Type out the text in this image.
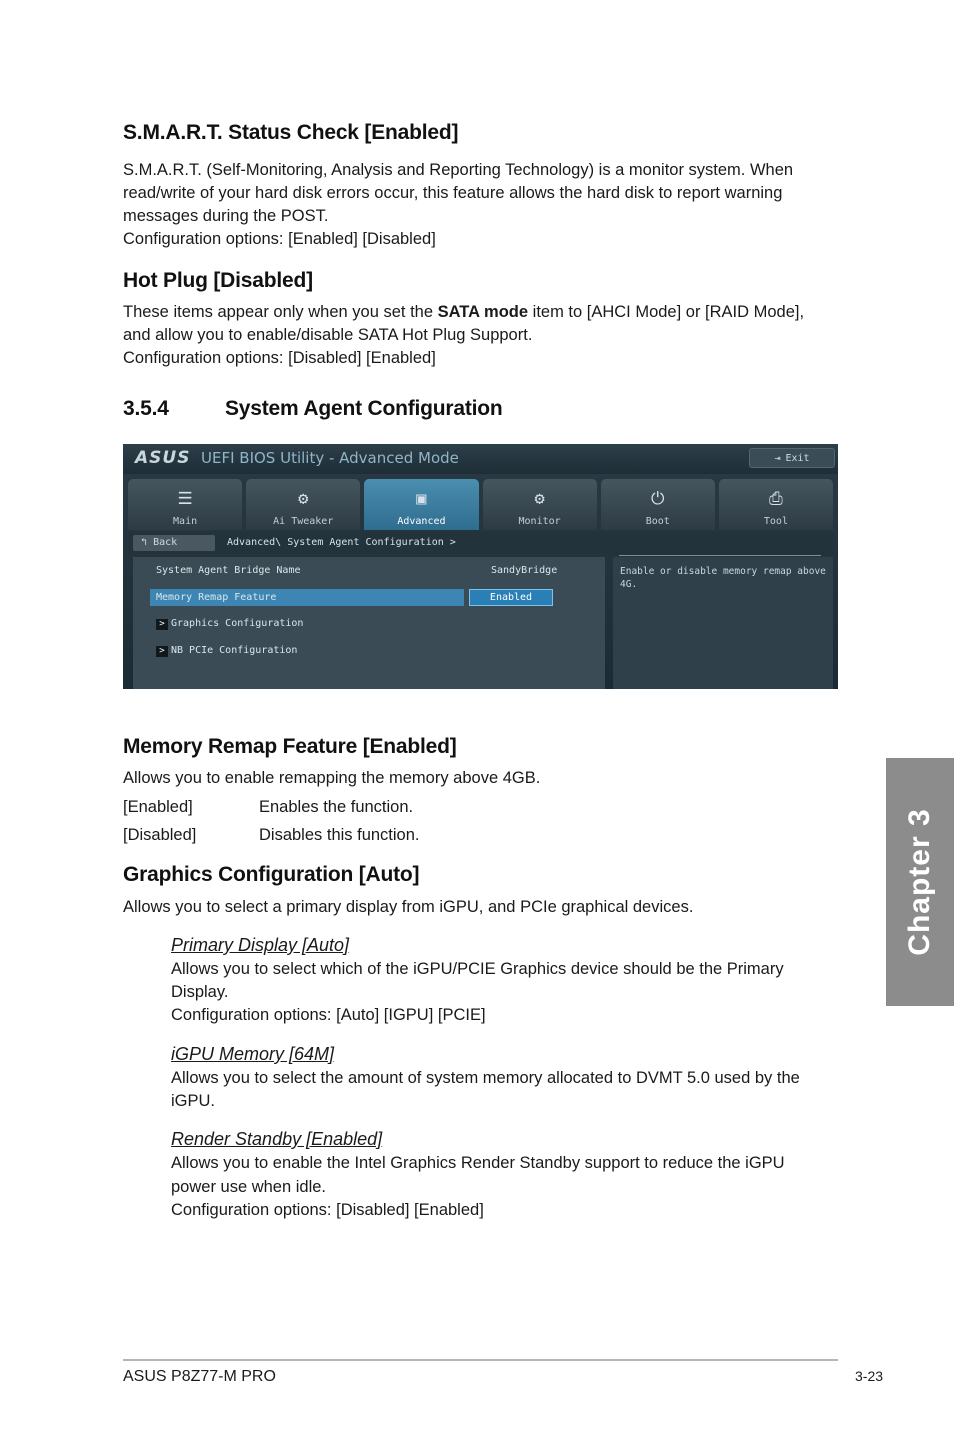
S.M.A.R.T. Status Check [Enabled]
S.M.A.R.T. (Self-Monitoring, Analysis and Reporting Technology) is a monitor system. When
read/write of your hard disk errors occur, this feature allows the hard disk to report warning
messages during the POST.
Configuration options: [Enabled] [Disabled]
Hot Plug [Disabled]
These items appear only when you set the SATA mode item to [AHCI Mode] or [RAID Mode],
and allow you to enable/disable SATA Hot Plug Support.
Configuration options: [Disabled] [Enabled]
3.5.4	System Agent Configuration
ASUS UEFI BIOS Utility - Advanced Mode	⇥ Exit
☰
Main
⚙
Ai Tweaker
▣
Advanced
⚙
Monitor
⏻
Boot
⎙
Tool
↰ Back	Advanced\ System Agent Configuration >
System Agent Bridge Name	SandyBridge
Memory Remap Feature	Enabled
> Graphics Configuration
> NB PCIe Configuration
Enable or disable memory remap above
4G.
Memory Remap Feature [Enabled]
Allows you to enable remapping the memory above 4GB.
[Enabled]	Enables the function.
[Disabled]	Disables this function.
Graphics Configuration [Auto]
Allows you to select a primary display from iGPU, and PCIe graphical devices.
Primary Display [Auto]
Allows you to select which of the iGPU/PCIE Graphics device should be the Primary
Display.
Configuration options: [Auto] [IGPU] [PCIE]
iGPU Memory [64M]
Allows you to select the amount of system memory allocated to DVMT 5.0 used by the
iGPU.
Render Standby [Enabled]
Allows you to enable the Intel Graphics Render Standby support to reduce the iGPU
power use when idle.
Configuration options: [Disabled] [Enabled]
Chapter 3
ASUS P8Z77-M PRO	3-23
